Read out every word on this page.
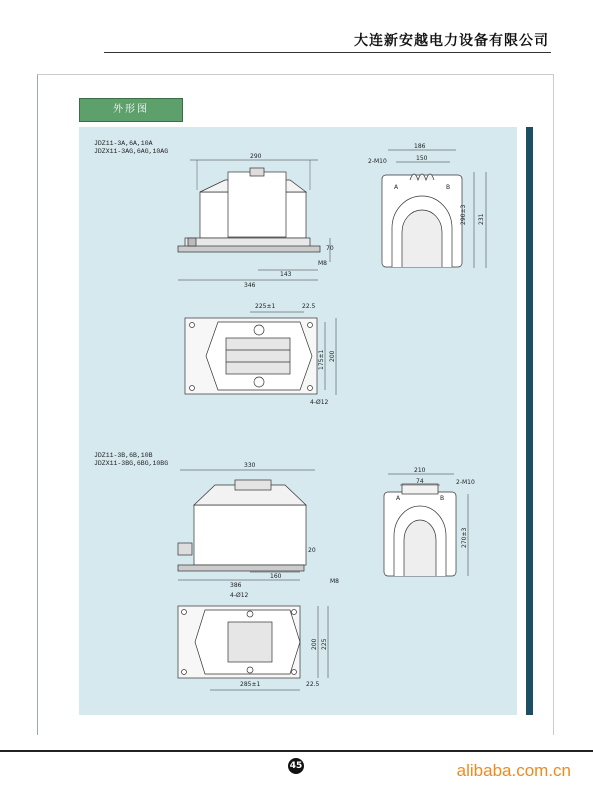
大连新安越电力设备有限公司
外形图
JDZ11-3A,6A,10A
JDZX11-3AG,6AG,10AG
JDZ11-3B,6B,10B
JDZX11-3BG,6BG,10BG
290
346
143
70
M8
186
150
2-M10
290±3 231
A	B
225±1	22.5
175±1 200
4-Ø12
330
386
160
20
M8
210
74	2-M10
270±3
A	B
4-Ø12
285±1	22.5
200 225
45	alibaba.com.cn
